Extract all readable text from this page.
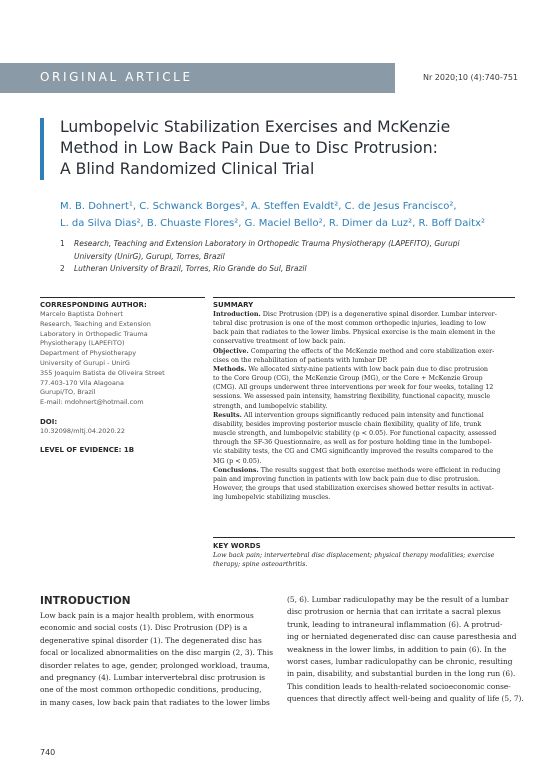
ORIGINAL ARTICLE	Nr 2020;10 (4):740-751
Lumbopelvic Stabilization Exercises and McKenzie
Method in Low Back Pain Due to Disc Protrusion:
A Blind Randomized Clinical Trial
M. B. Dohnert¹, C. Schwanck Borges², A. Steffen Evaldt², C. de Jesus Francisco²,
L. da Silva Dias², B. Chuaste Flores², G. Maciel Bello², R. Dimer da Luz², R. Boff Daitx²
1 Research, Teaching and Extension Laboratory in Orthopedic Trauma Physiotherapy (LAPEFITO), Gurupi
University (UnirG), Gurupi, Torres, Brazil
2 Lutheran University of Brazil, Torres, Rio Grande do Sul, Brazil
CORRESPONDING AUTHOR:
Marcelo Baptista Dohnert
Research, Teaching and Extension
Laboratory in Orthopedic Trauma
Physiotherapy (LAPEFITO)
Department of Physiotherapy
University of Gurupi - UnirG
355 Joaquim Batista de Oliveira Street
77.403-170 Vila Alagoana
Gurupi/TO, Brazil
E-mail: mdohnert@hotmail.com
DOI:
10.32098/mltj.04.2020.22
LEVEL OF EVIDENCE: 1B
SUMMARY
Introduction. Disc Protrusion (DP) is a degenerative spinal disorder. Lumbar interver-
tebral disc protrusion is one of the most common orthopedic injuries, leading to low
back pain that radiates to the lower limbs. Physical exercise is the main element in the
conservative treatment of low back pain.
Objective. Comparing the effects of the McKenzie method and core stabilization exer-
cises on the rehabilitation of patients with lumbar DP.
Methods. We allocated sixty-nine patients with low back pain due to disc protrusion
to the Core Group (CG), the McKenzie Group (MG), or the Core + McKenzie Group
(CMG). All groups underwent three interventions per week for four weeks, totaling 12
sessions. We assessed pain intensity, hamstring flexibility, functional capacity, muscle
strength, and lumbopelvic stability.
Results. All intervention groups significantly reduced pain intensity and functional
disability, besides improving posterior muscle chain flexibility, quality of life, trunk
muscle strength, and lumbopelvic stability (p < 0.05). For functional capacity, assessed
through the SF-36 Questionnaire, as well as for posture holding time in the lumbopel-
vic stability tests, the CG and CMG significantly improved the results compared to the
MG (p < 0.05).
Conclusions. The results suggest that both exercise methods were efficient in reducing
pain and improving function in patients with low back pain due to disc protrusion.
However, the groups that used stabilization exercises showed better results in activat-
ing lumbopelvic stabilizing muscles.
KEY WORDS
Low back pain; intervertebral disc displacement; physical therapy modalities; exercise
therapy; spine osteoarthritis.
INTRODUCTION
Low back pain is a major health problem, with enormous
economic and social costs (1). Disc Protrusion (DP) is a
degenerative spinal disorder (1). The degenerated disc has
focal or localized abnormalities on the disc margin (2, 3). This
disorder relates to age, gender, prolonged workload, trauma,
and pregnancy (4). Lumbar intervertebral disc protrusion is
one of the most common orthopedic conditions, producing,
in many cases, low back pain that radiates to the lower limbs
(5, 6). Lumbar radiculopathy may be the result of a lumbar
disc protrusion or hernia that can irritate a sacral plexus
trunk, leading to intraneural inflammation (6). A protrud-
ing or herniated degenerated disc can cause paresthesia and
weakness in the lower limbs, in addition to pain (6). In the
worst cases, lumbar radiculopathy can be chronic, resulting
in pain, disability, and substantial burden in the long run (6).
This condition leads to health-related socioeconomic conse-
quences that directly affect well-being and quality of life (5, 7).
740
